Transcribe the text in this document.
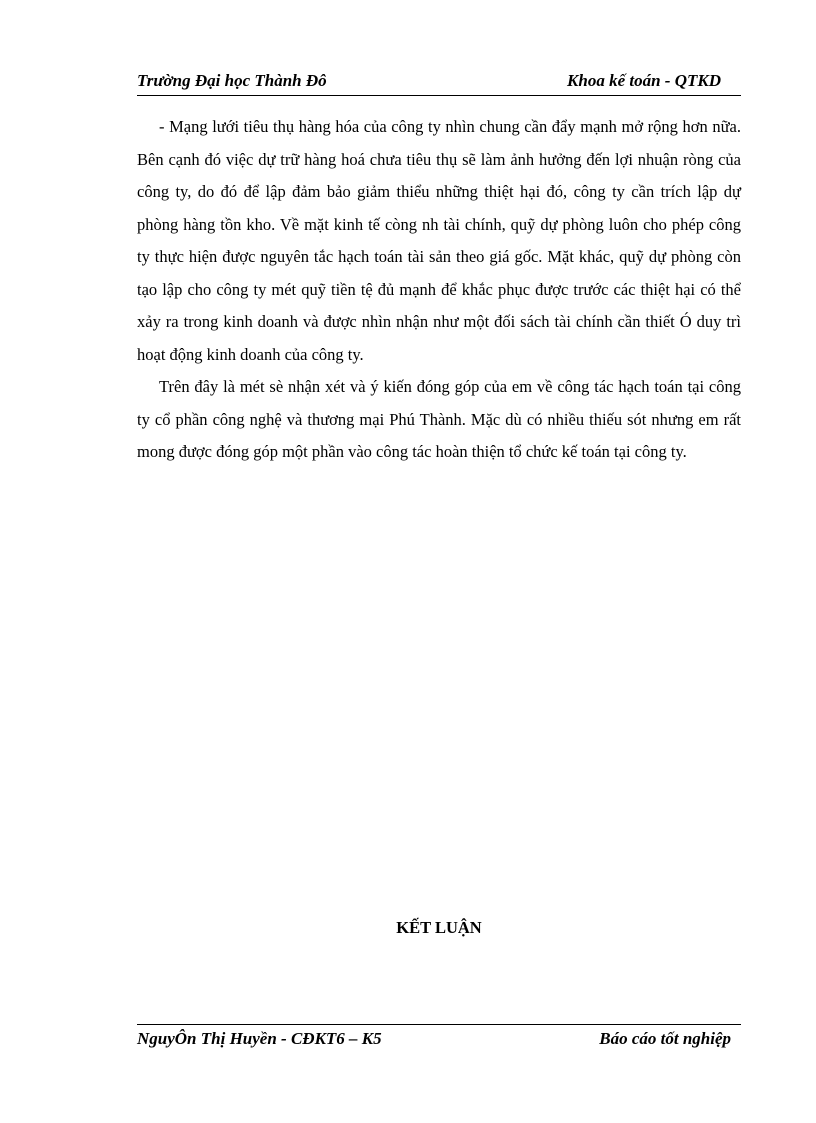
Trường Đại học Thành Đô	Khoa kế toán - QTKD

- Mạng lưới tiêu thụ hàng hóa của công ty nhìn chung cần đẩy mạnh mở rộng hơn nữa. Bên cạnh đó việc dự trữ hàng hoá chưa tiêu thụ sẽ làm ảnh hưởng đến lợi nhuận ròng của công ty, do đó để lập đảm bảo giảm thiểu những thiệt hại đó, công ty cần trích lập dự phòng hàng tồn kho. Về mặt kinh tế còng nh tài chính, quỹ dự phòng luôn cho phép công ty thực hiện được nguyên tắc hạch toán tài sản theo giá gốc. Mặt khác, quỹ dự phòng còn tạo lập cho công ty mét quỹ tiền tệ đủ mạnh để khắc phục được trước các thiệt hại có thể xảy ra trong kinh doanh và được nhìn nhận như một đối sách tài chính cần thiết Ó duy trì hoạt động kinh doanh của công ty.

Trên đây là mét sè nhận xét và ý kiến đóng góp của em về công tác hạch toán tại công ty cổ phần công nghệ và thương mại Phú Thành. Mặc dù có nhiều thiếu sót nhưng em rất mong được đóng góp một phần vào công tác hoàn thiện tổ chức kế toán tại công ty.

KẾT LUẬN
NguyÔn Thị Huyền - CĐKT6 – K5	Báo cáo tốt nghiệp
